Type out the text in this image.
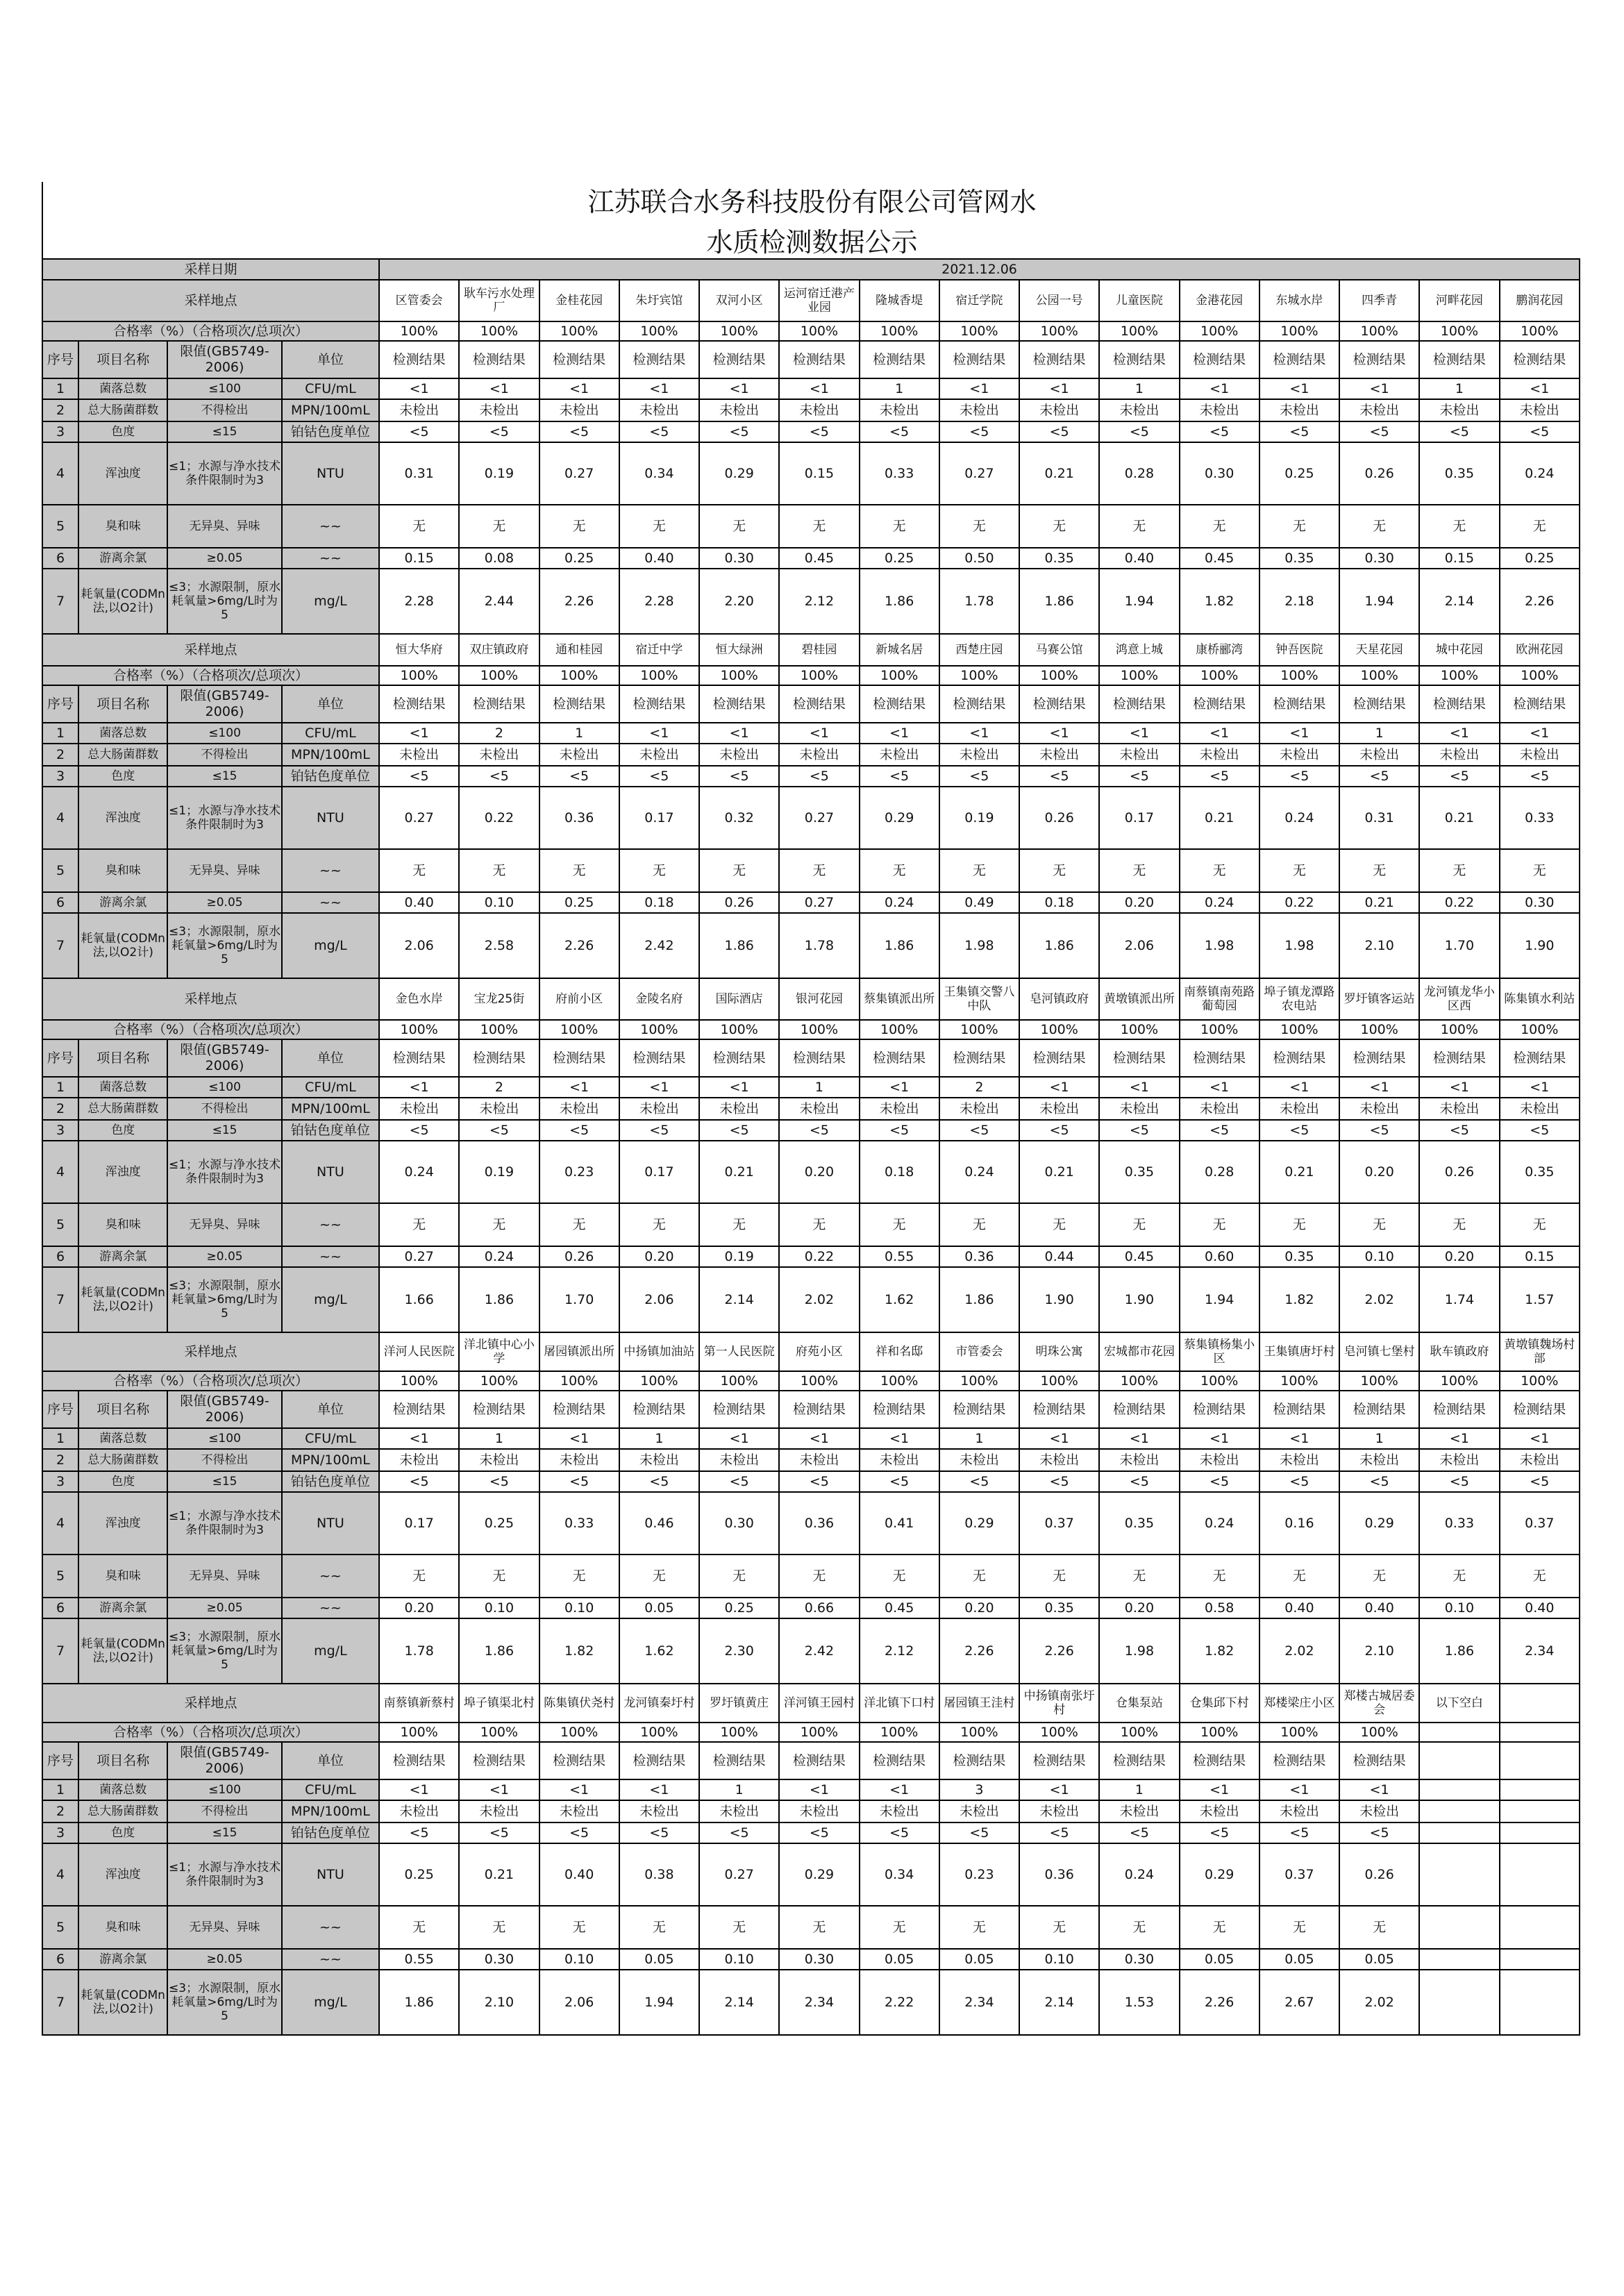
江苏联合水务科技股份有限公司管网水
水质检测数据公示
采样日期				2021.12.06														
采样地点				区管委会	耿车污水处理厂	金桂花园	朱圩宾馆	双河小区	运河宿迁港产业园	隆城香堤	宿迁学院	公园一号	儿童医院	金港花园	东城水岸	四季青	河畔花园	鹏润花园
合格率（%）（合格项次/总项次）				100%	100%	100%	100%	100%	100%	100%	100%	100%	100%	100%	100%	100%	100%	100%
序号	项目名称	限值(GB5749-2006)	单位	检测结果	检测结果	检测结果	检测结果	检测结果	检测结果	检测结果	检测结果	检测结果	检测结果	检测结果	检测结果	检测结果	检测结果	检测结果
1	菌落总数	≤100	CFU/mL	<1	<1	<1	<1	<1	<1	1	<1	<1	1	<1	<1	<1	1	<1
2	总大肠菌群数	不得检出	MPN/100mL	未检出	未检出	未检出	未检出	未检出	未检出	未检出	未检出	未检出	未检出	未检出	未检出	未检出	未检出	未检出
3	色度	≤15	铂钴色度单位	<5	<5	<5	<5	<5	<5	<5	<5	<5	<5	<5	<5	<5	<5	<5
4	浑浊度	≤1；水源与净水技术条件限制时为3	NTU	0.31	0.19	0.27	0.34	0.29	0.15	0.33	0.27	0.21	0.28	0.30	0.25	0.26	0.35	0.24
5	臭和味	无异臭、异味	~~	无	无	无	无	无	无	无	无	无	无	无	无	无	无	无
6	游离余氯	≥0.05	~~	0.15	0.08	0.25	0.40	0.30	0.45	0.25	0.50	0.35	0.40	0.45	0.35	0.30	0.15	0.25
7	耗氧量(CODMn法,以O2计)	≤3；水源限制，原水耗氧量>6mg/L时为5	mg/L	2.28	2.44	2.26	2.28	2.20	2.12	1.86	1.78	1.86	1.94	1.82	2.18	1.94	2.14	2.26
采样地点				恒大华府	双庄镇政府	通和桂园	宿迁中学	恒大绿洲	碧桂园	新城名居	西楚庄园	马赛公馆	鸿意上城	康桥郦湾	钟吾医院	天星花园	城中花园	欧洲花园
合格率（%）（合格项次/总项次）				100%	100%	100%	100%	100%	100%	100%	100%	100%	100%	100%	100%	100%	100%	100%
序号	项目名称	限值(GB5749-2006)	单位	检测结果	检测结果	检测结果	检测结果	检测结果	检测结果	检测结果	检测结果	检测结果	检测结果	检测结果	检测结果	检测结果	检测结果	检测结果
1	菌落总数	≤100	CFU/mL	<1	2	1	<1	<1	<1	<1	<1	<1	<1	<1	<1	1	<1	<1
2	总大肠菌群数	不得检出	MPN/100mL	未检出	未检出	未检出	未检出	未检出	未检出	未检出	未检出	未检出	未检出	未检出	未检出	未检出	未检出	未检出
3	色度	≤15	铂钴色度单位	<5	<5	<5	<5	<5	<5	<5	<5	<5	<5	<5	<5	<5	<5	<5
4	浑浊度	≤1；水源与净水技术条件限制时为3	NTU	0.27	0.22	0.36	0.17	0.32	0.27	0.29	0.19	0.26	0.17	0.21	0.24	0.31	0.21	0.33
5	臭和味	无异臭、异味	~~	无	无	无	无	无	无	无	无	无	无	无	无	无	无	无
6	游离余氯	≥0.05	~~	0.40	0.10	0.25	0.18	0.26	0.27	0.24	0.49	0.18	0.20	0.24	0.22	0.21	0.22	0.30
7	耗氧量(CODMn法,以O2计)	≤3；水源限制，原水耗氧量>6mg/L时为5	mg/L	2.06	2.58	2.26	2.42	1.86	1.78	1.86	1.98	1.86	2.06	1.98	1.98	2.10	1.70	1.90
采样地点				金色水岸	宝龙25街	府前小区	金陵名府	国际酒店	银河花园	蔡集镇派出所	王集镇交警八中队	皂河镇政府	黄墩镇派出所	南蔡镇南苑路葡萄园	埠子镇龙潭路农电站	罗圩镇客运站	龙河镇龙华小区西	陈集镇水利站
合格率（%）（合格项次/总项次）				100%	100%	100%	100%	100%	100%	100%	100%	100%	100%	100%	100%	100%	100%	100%
序号	项目名称	限值(GB5749-2006)	单位	检测结果	检测结果	检测结果	检测结果	检测结果	检测结果	检测结果	检测结果	检测结果	检测结果	检测结果	检测结果	检测结果	检测结果	检测结果
1	菌落总数	≤100	CFU/mL	<1	2	<1	<1	<1	1	<1	2	<1	<1	<1	<1	<1	<1	<1
2	总大肠菌群数	不得检出	MPN/100mL	未检出	未检出	未检出	未检出	未检出	未检出	未检出	未检出	未检出	未检出	未检出	未检出	未检出	未检出	未检出
3	色度	≤15	铂钴色度单位	<5	<5	<5	<5	<5	<5	<5	<5	<5	<5	<5	<5	<5	<5	<5
4	浑浊度	≤1；水源与净水技术条件限制时为3	NTU	0.24	0.19	0.23	0.17	0.21	0.20	0.18	0.24	0.21	0.35	0.28	0.21	0.20	0.26	0.35
5	臭和味	无异臭、异味	~~	无	无	无	无	无	无	无	无	无	无	无	无	无	无	无
6	游离余氯	≥0.05	~~	0.27	0.24	0.26	0.20	0.19	0.22	0.55	0.36	0.44	0.45	0.60	0.35	0.10	0.20	0.15
7	耗氧量(CODMn法,以O2计)	≤3；水源限制，原水耗氧量>6mg/L时为5	mg/L	1.66	1.86	1.70	2.06	2.14	2.02	1.62	1.86	1.90	1.90	1.94	1.82	2.02	1.74	1.57
采样地点				洋河人民医院	洋北镇中心小学	屠园镇派出所	中扬镇加油站	第一人民医院	府苑小区	祥和名邸	市管委会	明珠公寓	宏城都市花园	蔡集镇杨集小区	王集镇唐圩村	皂河镇七堡村	耿车镇政府	黄墩镇魏场村部
合格率（%）（合格项次/总项次）				100%	100%	100%	100%	100%	100%	100%	100%	100%	100%	100%	100%	100%	100%	100%
序号	项目名称	限值(GB5749-2006)	单位	检测结果	检测结果	检测结果	检测结果	检测结果	检测结果	检测结果	检测结果	检测结果	检测结果	检测结果	检测结果	检测结果	检测结果	检测结果
1	菌落总数	≤100	CFU/mL	<1	1	<1	1	<1	<1	<1	1	<1	<1	<1	<1	1	<1	<1
2	总大肠菌群数	不得检出	MPN/100mL	未检出	未检出	未检出	未检出	未检出	未检出	未检出	未检出	未检出	未检出	未检出	未检出	未检出	未检出	未检出
3	色度	≤15	铂钴色度单位	<5	<5	<5	<5	<5	<5	<5	<5	<5	<5	<5	<5	<5	<5	<5
4	浑浊度	≤1；水源与净水技术条件限制时为3	NTU	0.17	0.25	0.33	0.46	0.30	0.36	0.41	0.29	0.37	0.35	0.24	0.16	0.29	0.33	0.37
5	臭和味	无异臭、异味	~~	无	无	无	无	无	无	无	无	无	无	无	无	无	无	无
6	游离余氯	≥0.05	~~	0.20	0.10	0.10	0.05	0.25	0.66	0.45	0.20	0.35	0.20	0.58	0.40	0.40	0.10	0.40
7	耗氧量(CODMn法,以O2计)	≤3；水源限制，原水耗氧量>6mg/L时为5	mg/L	1.78	1.86	1.82	1.62	2.30	2.42	2.12	2.26	2.26	1.98	1.82	2.02	2.10	1.86	2.34
采样地点				南蔡镇新蔡村	埠子镇渠北村	陈集镇伏尧村	龙河镇秦圩村	罗圩镇黄庄	洋河镇王园村	洋北镇下口村	屠园镇王洼村	中扬镇南张圩村	仓集泵站	仓集邱下村	郑楼梁庄小区	郑楼古城居委会	以下空白	
合格率（%）（合格项次/总项次）				100%	100%	100%	100%	100%	100%	100%	100%	100%	100%	100%	100%	100%		
序号	项目名称	限值(GB5749-2006)	单位	检测结果	检测结果	检测结果	检测结果	检测结果	检测结果	检测结果	检测结果	检测结果	检测结果	检测结果	检测结果	检测结果		
1	菌落总数	≤100	CFU/mL	<1	<1	<1	<1	1	<1	<1	3	<1	1	<1	<1	<1		
2	总大肠菌群数	不得检出	MPN/100mL	未检出	未检出	未检出	未检出	未检出	未检出	未检出	未检出	未检出	未检出	未检出	未检出	未检出		
3	色度	≤15	铂钴色度单位	<5	<5	<5	<5	<5	<5	<5	<5	<5	<5	<5	<5	<5		
4	浑浊度	≤1；水源与净水技术条件限制时为3	NTU	0.25	0.21	0.40	0.38	0.27	0.29	0.34	0.23	0.36	0.24	0.29	0.37	0.26		
5	臭和味	无异臭、异味	~~	无	无	无	无	无	无	无	无	无	无	无	无	无		
6	游离余氯	≥0.05	~~	0.55	0.30	0.10	0.05	0.10	0.30	0.05	0.05	0.10	0.30	0.05	0.05	0.05		
7	耗氧量(CODMn法,以O2计)	≤3；水源限制，原水耗氧量>6mg/L时为5	mg/L	1.86	2.10	2.06	1.94	2.14	2.34	2.22	2.34	2.14	1.53	2.26	2.67	2.02		
